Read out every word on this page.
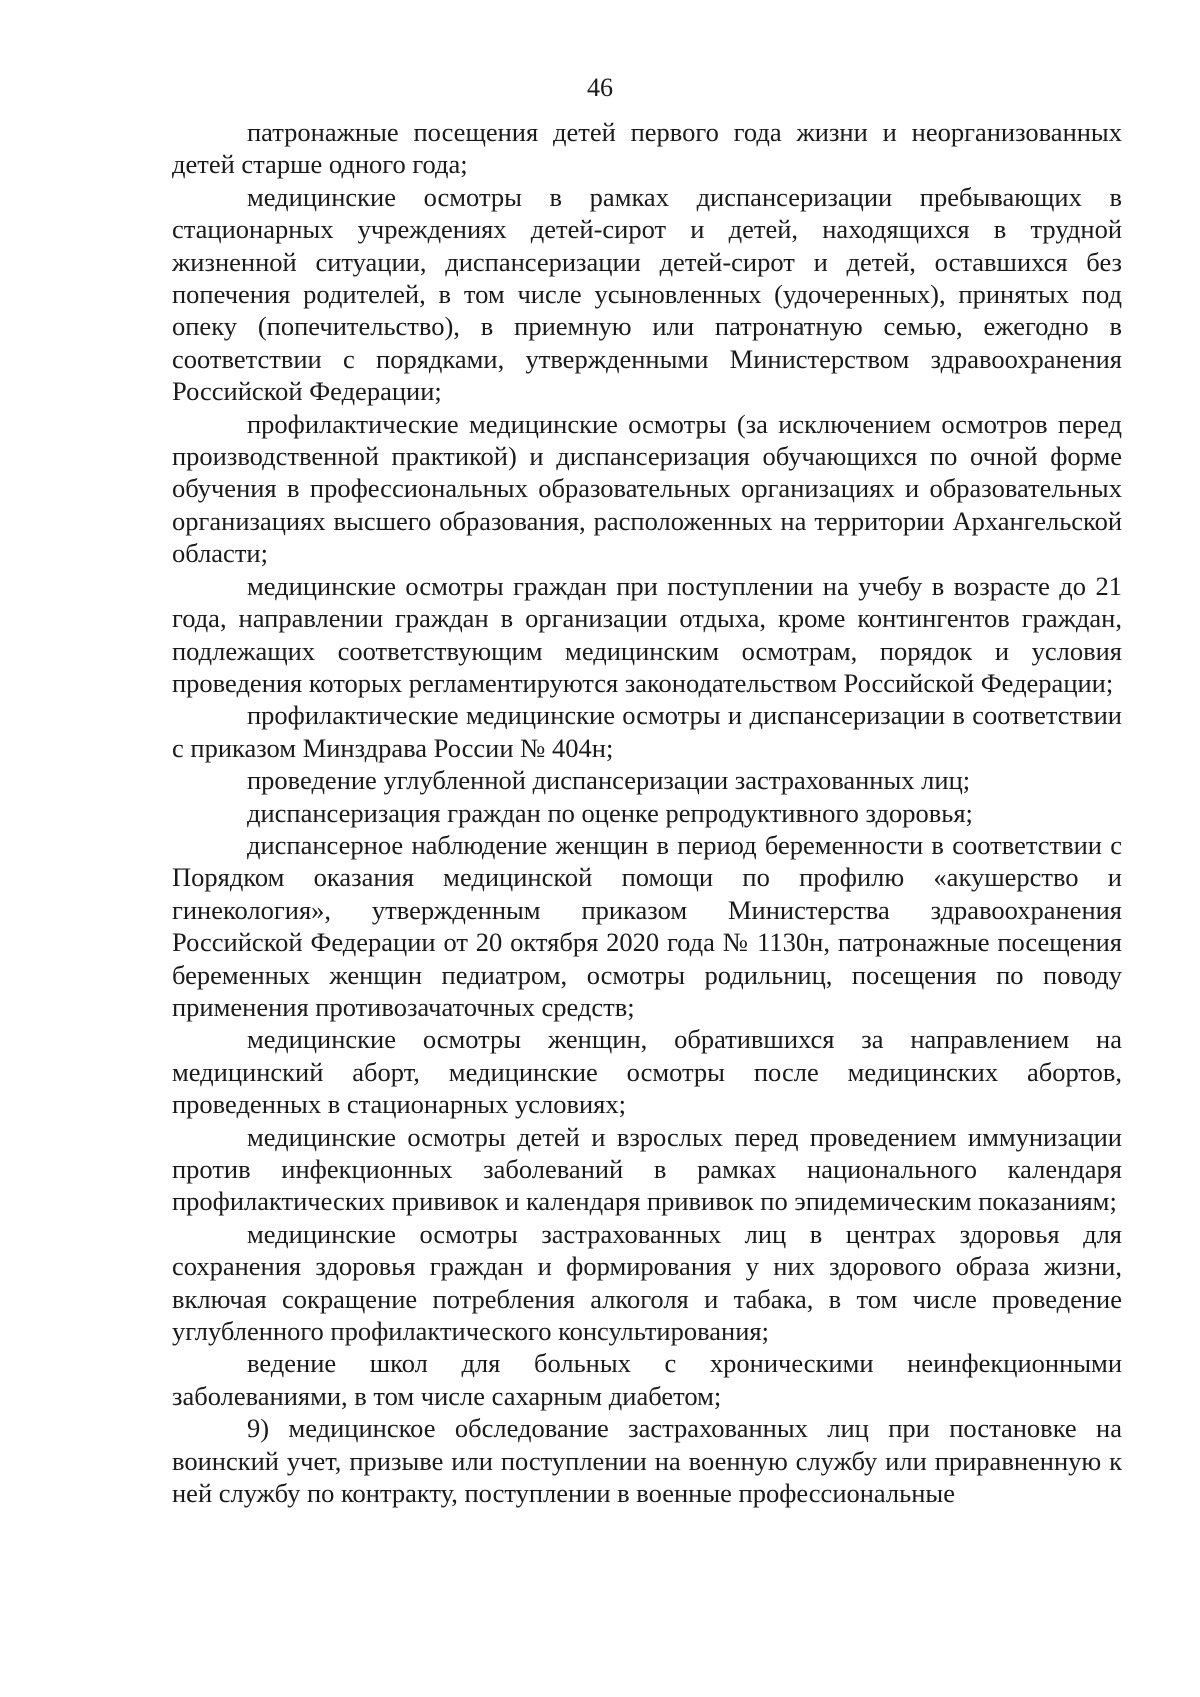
46

патронажные посещения детей первого года жизни и неорганизованных детей старше одного года;

медицинские осмотры в рамках диспансеризации пребывающих в стационарных учреждениях детей-сирот и детей, находящихся в трудной жизненной ситуации, диспансеризации детей-сирот и детей, оставшихся без попечения родителей, в том числе усыновленных (удочеренных), принятых под опеку (попечительство), в приемную или патронатную семью, ежегодно в соответствии с порядками, утвержденными Министерством здравоохранения Российской Федерации;

профилактические медицинские осмотры (за исключением осмотров перед производственной практикой) и диспансеризация обучающихся по очной форме обучения в профессиональных образовательных организациях и образовательных организациях высшего образования, расположенных на территории Архангельской области;

медицинские осмотры граждан при поступлении на учебу в возрасте до 21 года, направлении граждан в организации отдыха, кроме контингентов граждан, подлежащих соответствующим медицинским осмотрам, порядок и условия проведения которых регламентируются законодательством Российской Федерации;

профилактические медицинские осмотры и диспансеризации в соответствии с приказом Минздрава России № 404н;

проведение углубленной диспансеризации застрахованных лиц;

диспансеризация граждан по оценке репродуктивного здоровья;

диспансерное наблюдение женщин в период беременности в соответствии с Порядком оказания медицинской помощи по профилю «акушерство и гинекология», утвержденным приказом Министерства здравоохранения Российской Федерации от 20 октября 2020 года № 1130н, патронажные посещения беременных женщин педиатром, осмотры родильниц, посещения по поводу применения противозачаточных средств;

медицинские осмотры женщин, обратившихся за направлением на медицинский аборт, медицинские осмотры после медицинских абортов, проведенных в стационарных условиях;

медицинские осмотры детей и взрослых перед проведением иммунизации против инфекционных заболеваний в рамках национального календаря профилактических прививок и календаря прививок по эпидемическим показаниям;

медицинские осмотры застрахованных лиц в центрах здоровья для сохранения здоровья граждан и формирования у них здорового образа жизни, включая сокращение потребления алкоголя и табака, в том числе проведение углубленного профилактического консультирования;

ведение школ для больных с хроническими неинфекционными заболеваниями, в том числе сахарным диабетом;

9) медицинское обследование застрахованных лиц при постановке на воинский учет, призыве или поступлении на военную службу или приравненную к ней службу по контракту, поступлении в военные профессиональные
